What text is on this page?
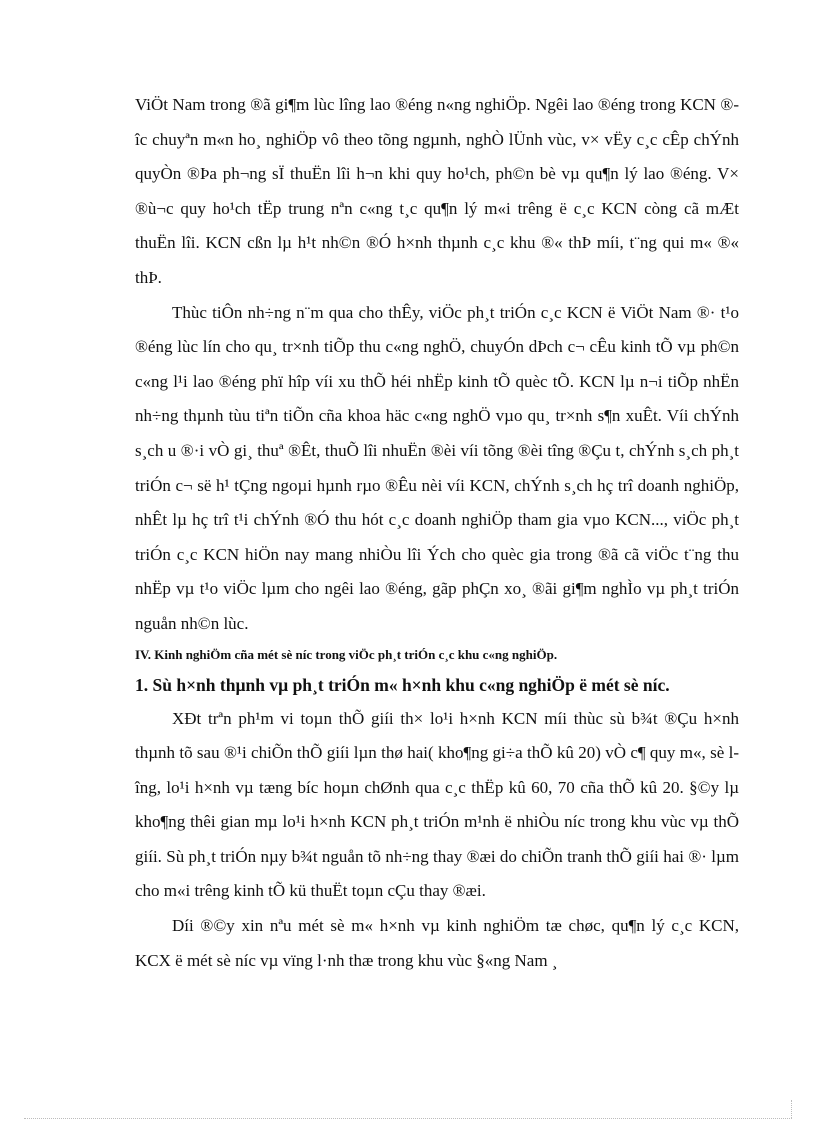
ViÖt Nam trong ®ã gi¶m lùc lîng lao ®éng n«ng nghiÖp. Ngêi lao ®éng trong KCN ®îc chuyªn m«n ho¸ nghiÖp vô theo tõng ngµnh, nghÒ lÜnh vùc, v× vËy c¸c cÊp chÝnh quyÒn ®Þa ph¬ng sÏ thuËn lîi h¬n khi quy ho¹ch, ph©n bè vµ qu¶n lý lao ®éng. V× ®ù¬c quy ho¹ch tËp trung nªn c«ng t¸c qu¶n lý m«i trêng ë c¸c KCN còng cã mÆt thuËn lîi. KCN cßn lµ h¹t nh©n ®Ó h×nh thµnh c¸c khu ®« thÞ míi, t¨ng qui m« ®« thÞ.

Thùc tiÔn nh÷ng n¨m qua cho thÊy, viÖc ph¸t triÓn c¸c KCN ë ViÖt Nam ®· t¹o ®éng lùc lín cho qu¸ tr×nh tiÕp thu c«ng nghÖ, chuyÓn dÞch c¬ cÊu kinh tÕ vµ ph©n c«ng l¹i lao ®éng phï hîp víi xu thÕ héi nhËp kinh tÕ quèc tÕ. KCN lµ n¬i tiÕp nhËn nh÷ng thµnh tùu tiªn tiÕn cña khoa häc c«ng nghÖ vµo qu¸ tr×nh s¶n xuÊt. Víi chÝnh s¸ch u ®·i vÒ gi¸ thuª ®Êt, thuÕ lîi nhuËn ®èi víi tõng ®èi tîng ®Çu t, chÝnh s¸ch ph¸t triÓn c¬ së h¹ tÇng ngoµi hµnh rµo ®Êu nèi víi KCN, chÝnh s¸ch hç trî doanh nghiÖp, nhÊt lµ hç trî t¹i chÝnh ®Ó thu hót c¸c doanh nghiÖp tham gia vµo KCN..., viÖc ph¸t triÓn c¸c KCN hiÖn nay mang nhiÒu lîi Ých cho quèc gia trong ®ã cã viÖc t¨ng thu nhËp vµ t¹o viÖc lµm cho ngêi lao ®éng, gãp phÇn xo¸ ®ãi gi¶m nghÌo vµ ph¸t triÓn nguån nh©n lùc.

IV. Kinh nghiÖm cña mét sè níc trong viÖc ph¸t triÓn c¸c khu c«ng nghiÖp.

1. Sù h×nh thµnh vµ ph¸t triÓn m« h×nh khu c«ng nghiÖp ë mét sè níc.

XÐt trªn ph¹m vi toµn thÕ giíi th× lo¹i h×nh KCN míi thùc sù b¾t ®Çu h×nh thµnh tõ sau ®¹i chiÕn thÕ giíi lµn thø hai( kho¶ng gi÷a thÕ kû 20) vÒ c¶ quy m«, sè lîng, lo¹i h×nh vµ tæng bíc hoµn chØnh qua c¸c thËp kû 60, 70 cña thÕ kû 20. §©y lµ kho¶ng thêi gian mµ lo¹i h×nh KCN ph¸t triÓn m¹nh ë nhiÒu níc trong khu vùc vµ thÕ giíi. Sù ph¸t triÓn nµy b¾t nguån tõ nh÷ng thay ®æi do chiÕn tranh thÕ giíi hai ®· lµm cho m«i trêng kinh tÕ kü thuËt toµn cÇu thay ®æi.

Díi ®©y xin nªu mét sè m« h×nh vµ kinh nghiÖm tæ chøc, qu¶n lý c¸c KCN, KCX ë mét sè níc vµ vïng l·nh thæ trong khu vùc §«ng Nam ¸
